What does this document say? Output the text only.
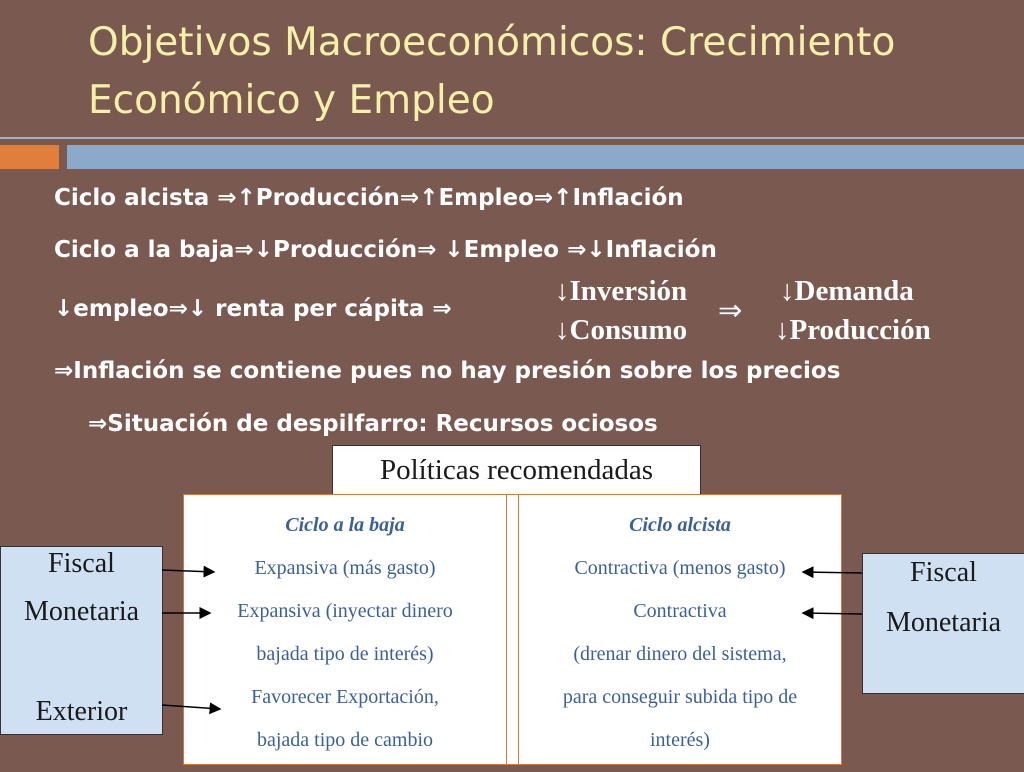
Objetivos Macroeconómicos: Crecimiento
Económico y Empleo
Ciclo alcista ⇒↑Producción⇒↑Empleo⇒↑Inflación
Ciclo a la baja⇒↓Producción⇒ ↓Empleo ⇒↓Inflación
↓empleo⇒↓ renta per cápita ⇒
↓Inversión
↓Consumo
⇒
↓Demanda
↓Producción
⇒Inflación se contiene pues no hay presión sobre los precios
⇒Situación de despilfarro: Recursos ociosos
Políticas recomendadas
Ciclo a la baja
Expansiva (más gasto)
Expansiva (inyectar dinero
bajada tipo de interés)
Favorecer Exportación,
bajada tipo de cambio
Ciclo alcista
Contractiva (menos gasto)
Contractiva
(drenar dinero del sistema,
para conseguir subida tipo de
interés)
Fiscal
Monetaria
Exterior
Fiscal
Monetaria
